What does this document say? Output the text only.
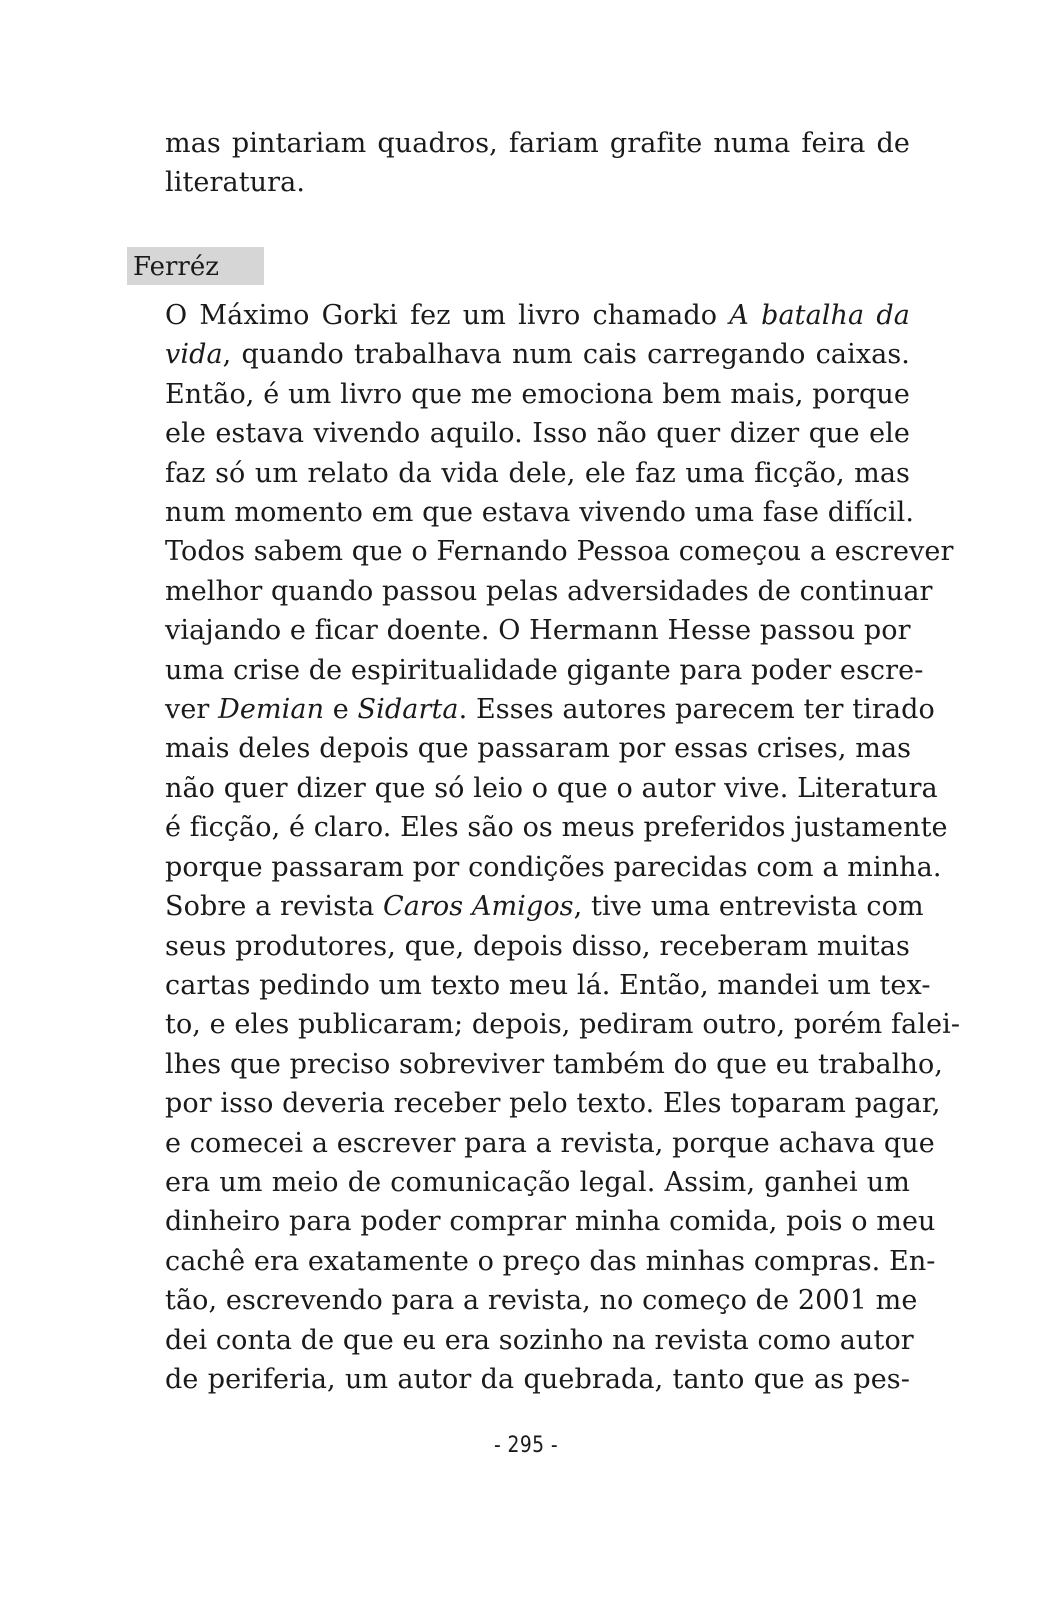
mas pintariam quadros, fariam grafite numa feira de
literatura.
Ferréz
O Máximo Gorki fez um livro chamado A batalha da
vida, quando trabalhava num cais carregando caixas.
Então, é um livro que me emociona bem mais, porque
ele estava vivendo aquilo. Isso não quer dizer que ele
faz só um relato da vida dele, ele faz uma ficção, mas
num momento em que estava vivendo uma fase difícil.
Todos sabem que o Fernando Pessoa começou a escrever
melhor quando passou pelas adversidades de continuar
viajando e ficar doente. O Hermann Hesse passou por
uma crise de espiritualidade gigante para poder escre-
ver Demian e Sidarta. Esses autores parecem ter tirado
mais deles depois que passaram por essas crises, mas
não quer dizer que só leio o que o autor vive. Literatura
é ficção, é claro. Eles são os meus preferidos justamente
porque passaram por condições parecidas com a minha.
Sobre a revista Caros Amigos, tive uma entrevista com
seus produtores, que, depois disso, receberam muitas
cartas pedindo um texto meu lá. Então, mandei um tex-
to, e eles publicaram; depois, pediram outro, porém falei-
lhes que preciso sobreviver também do que eu trabalho,
por isso deveria receber pelo texto. Eles toparam pagar,
e comecei a escrever para a revista, porque achava que
era um meio de comunicação legal. Assim, ganhei um
dinheiro para poder comprar minha comida, pois o meu
cachê era exatamente o preço das minhas compras. En-
tão, escrevendo para a revista, no começo de 2001 me
dei conta de que eu era sozinho na revista como autor
de periferia, um autor da quebrada, tanto que as pes-
- 295 -
